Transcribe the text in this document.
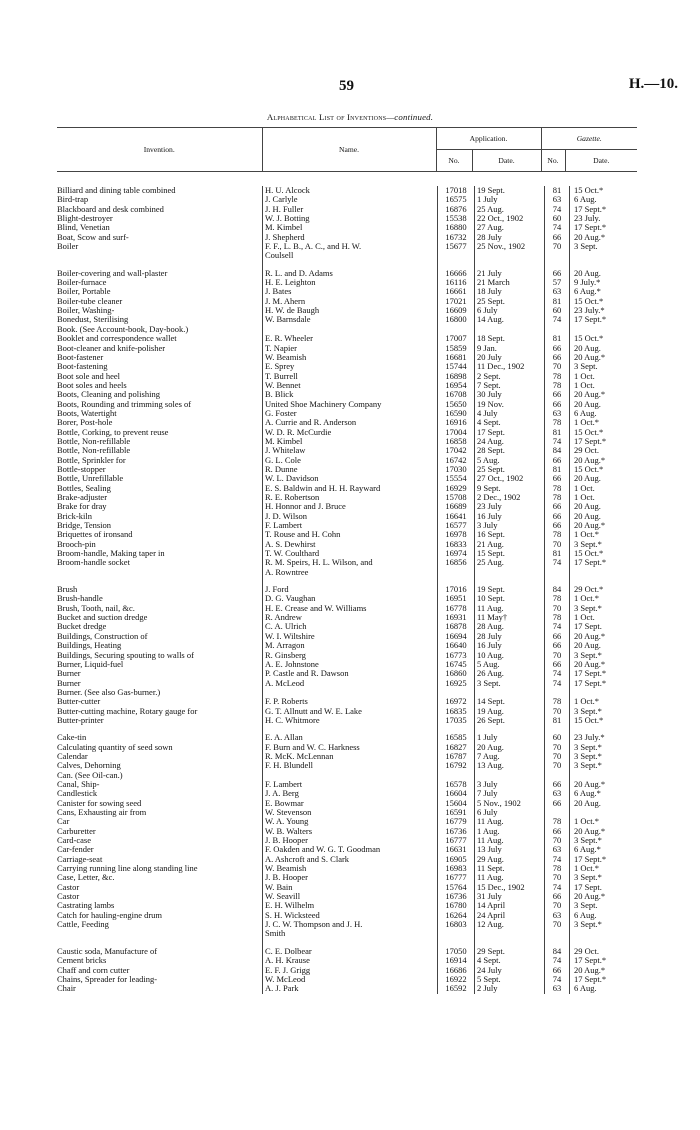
59	H.—10.
Alphabetical List of Inventions—continued.
Invention.	Name.	Application.		Gazette.	
		No.	Date.	No.	Date.
Billiard and dining table combined	H. U. Alcock	17018	19 Sept.	81	15 Oct.*
Bird-trap	J. Carlyle	16575	1 July	63	6 Aug.
Blackboard and desk combined	J. H. Fuller	16876	25 Aug.	74	17 Sept.*
Blight-destroyer	W. J. Botting	15538	22 Oct., 1902	60	23 July.
Blind, Venetian	M. Kimbel	16880	27 Aug.	74	17 Sept.*
Boat, Scow and surf-	J. Shepherd	16732	28 July	66	20 Aug.*
Boiler	F. F., L. B., A. C., and H. W.	15677	25 Nov., 1902	70	3 Sept.
	Coulsell				

Boiler-covering and wall-plaster	R. L. and D. Adams	16666	21 July	66	20 Aug.
Boiler-furnace	H. E. Leighton	16116	21 March	57	9 July.*
Boiler, Portable	J. Bates	16661	18 July	63	6 Aug.*
Boiler-tube cleaner	J. M. Ahern	17021	25 Sept.	81	15 Oct.*
Boiler, Washing-	H. W. de Baugh	16609	6 July	60	23 July.*
Bonedust, Sterilising	W. Barnsdale	16800	14 Aug.	74	17 Sept.*
Book. (See Account-book, Day-book.)					
Booklet and correspondence wallet	E. R. Wheeler	17007	18 Sept.	81	15 Oct.*
Boot-cleaner and knife-polisher	T. Napier	15859	9 Jan.	66	20 Aug.
Boot-fastener	W. Beamish	16681	20 July	66	20 Aug.*
Boot-fastening	E. Sprey	15744	11 Dec., 1902	70	3 Sept.
Boot sole and heel	T. Burrell	16898	2 Sept.	78	1 Oct.
Boot soles and heels	W. Bennet	16954	7 Sept.	78	1 Oct.
Boots, Cleaning and polishing	B. Blick	16708	30 July	66	20 Aug.*
Boots, Rounding and trimming soles of	United Shoe Machinery Company	15650	19 Nov.	66	20 Aug.
Boots, Watertight	G. Foster	16590	4 July	63	6 Aug.
Borer, Post-hole	A. Currie and R. Anderson	16916	4 Sept.	78	1 Oct.*
Bottle, Corking, to prevent reuse	W. D. R. McCurdie	17004	17 Sept.	81	15 Oct.*
Bottle, Non-refillable	M. Kimbel	16858	24 Aug.	74	17 Sept.*
Bottle, Non-refillable	J. Whitelaw	17042	28 Sept.	84	29 Oct.
Bottle, Sprinkler for	G. L. Cole	16742	5 Aug.	66	20 Aug.*
Bottle-stopper	R. Dunne	17030	25 Sept.	81	15 Oct.*
Bottle, Unrefillable	W. L. Davidson	15554	27 Oct., 1902	66	20 Aug.
Bottles, Sealing	E. S. Baldwin and H. H. Rayward	16929	9 Sept.	78	1 Oct.
Brake-adjuster	R. E. Robertson	15708	2 Dec., 1902	78	1 Oct.
Brake for dray	H. Honnor and J. Bruce	16689	23 July	66	20 Aug.
Brick-kiln	J. D. Wilson	16641	16 July	66	20 Aug.
Bridge, Tension	F. Lambert	16577	3 July	66	20 Aug.*
Briquettes of ironsand	T. Rouse and H. Cohn	16978	16 Sept.	78	1 Oct.*
Brooch-pin	A. S. Dewhirst	16833	21 Aug.	70	3 Sept.*
Broom-handle, Making taper in	T. W. Coulthard	16974	15 Sept.	81	15 Oct.*
Broom-handle socket	R. M. Speirs, H. L. Wilson, and	16856	25 Aug.	74	17 Sept.*
	A. Rowntree				

Brush	J. Ford	17016	19 Sept.	84	29 Oct.*
Brush-handle	D. G. Vaughan	16951	10 Sept.	78	1 Oct.*
Brush, Tooth, nail, &c.	H. E. Crease and W. Williams	16778	11 Aug.	70	3 Sept.*
Bucket and suction dredge	R. Andrew	16931	11 May†	78	1 Oct.
Bucket dredge	C. A. Ulrich	16878	28 Aug.	74	17 Sept.
Buildings, Construction of	W. I. Wiltshire	16694	28 July	66	20 Aug.*
Buildings, Heating	M. Arragon	16640	16 July	66	20 Aug.
Buildings, Securing spouting to walls of	R. Ginsberg	16773	10 Aug.	70	3 Sept.*
Burner, Liquid-fuel	A. E. Johnstone	16745	5 Aug.	66	20 Aug.*
Burner	P. Castle and R. Dawson	16860	26 Aug.	74	17 Sept.*
Burner	A. McLeod	16925	3 Sept.	74	17 Sept.*
Burner. (See also Gas-burner.)					
Butter-cutter	F. P. Roberts	16972	14 Sept.	78	1 Oct.*
Butter-cutting machine, Rotary gauge for	G. T. Allnutt and W. E. Lake	16835	19 Aug.	70	3 Sept.*
Butter-printer	H. C. Whitmore	17035	26 Sept.	81	15 Oct.*

Cake-tin	E. A. Allan	16585	1 July	60	23 July.*
Calculating quantity of seed sown	F. Burn and W. C. Harkness	16827	20 Aug.	70	3 Sept.*
Calendar	R. McK. McLennan	16787	7 Aug.	70	3 Sept.*
Calves, Dehorning	F. H. Blundell	16792	13 Aug.	70	3 Sept.*
Can. (See Oil-can.)					
Canal, Ship-	F. Lambert	16578	3 July	66	20 Aug.*
Candlestick	J. A. Berg	16604	7 July	63	6 Aug.*
Canister for sowing seed	E. Bowmar	15604	5 Nov., 1902	66	20 Aug.
Cans, Exhausting air from	W. Stevenson	16591	6 July		
Car	W. A. Young	16779	11 Aug.	78	1 Oct.*
Carburetter	W. B. Walters	16736	1 Aug.	66	20 Aug.*
Card-case	J. B. Hooper	16777	11 Aug.	70	3 Sept.*
Car-fender	F. Oakden and W. G. T. Goodman	16631	13 July	63	6 Aug.*
Carriage-seat	A. Ashcroft and S. Clark	16905	29 Aug.	74	17 Sept.*
Carrying running line along standing line	W. Beamish	16983	11 Sept.	78	1 Oct.*
Case, Letter, &c.	J. B. Hooper	16777	11 Aug.	70	3 Sept.*
Castor	W. Bain	15764	15 Dec., 1902	74	17 Sept.
Castor	W. Seavill	16736	31 July	66	20 Aug.*
Castrating lambs	E. H. Wilhelm	16780	14 April	70	3 Sept.
Catch for hauling-engine drum	S. H. Wicksteed	16264	24 April	63	6 Aug.
Cattle, Feeding	J. C. W. Thompson and J. H.	16803	12 Aug.	70	3 Sept.*
	Smith				

Caustic soda, Manufacture of	C. E. Dolbear	17050	29 Sept.	84	29 Oct.
Cement bricks	A. H. Krause	16914	4 Sept.	74	17 Sept.*
Chaff and corn cutter	E. F. J. Grigg	16686	24 July	66	20 Aug.*
Chains, Spreader for leading-	W. McLeod	16922	5 Sept.	74	17 Sept.*
Chair	A. J. Park	16592	2 July	63	6 Aug.
